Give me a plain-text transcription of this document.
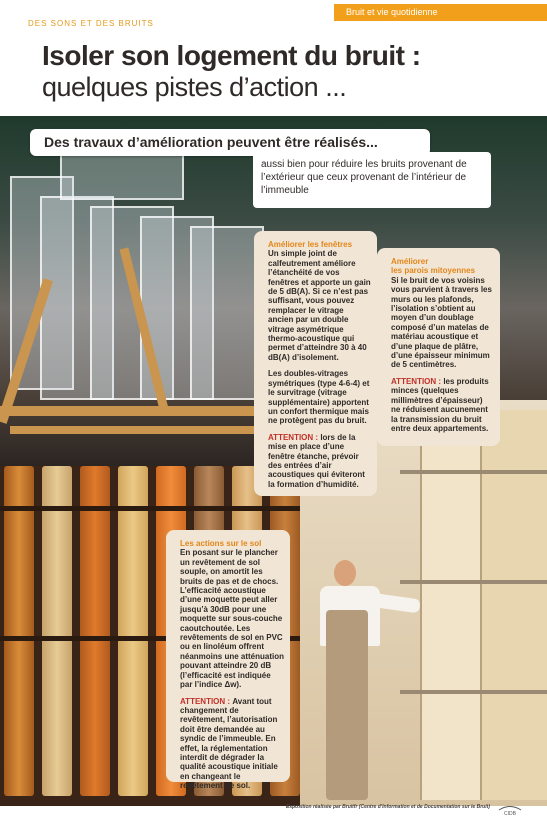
DES SONS ET DES BRUITS
Bruit et vie quotidienne
Isoler son logement du bruit :
quelques pistes d’action ...
Des travaux d’amélioration peuvent être réalisés...
aussi bien pour réduire les bruits provenant de l’extérieur que ceux provenant de l’intérieur de l’immeuble
Améliorer les fenêtres

Un simple joint de calfeutrement améliore l’étanchéité de vos fenêtres et apporte un gain de 5 dB(A). Si ce n’est pas suffisant, vous pouvez remplacer le vitrage ancien par un double vitrage asymétrique thermo-acoustique qui permet d’atteindre 30 à 40 dB(A) d’isolement.

Les doubles-vitrages symétriques (type 4-6-4) et le survitrage (vitrage supplémentaire) apportent un confort thermique mais ne protègent pas du bruit.

ATTENTION : lors de la mise en place d’une fenêtre étanche, prévoir des entrées d’air acoustiques qui éviteront la formation d’humidité.

Améliorer
les parois mitoyennes

Si le bruit de vos voisins vous parvient à travers les murs ou les plafonds, l’isolation s’obtient au moyen d’un doublage composé d’un matelas de matériau acoustique et d’une plaque de plâtre, d’une épaisseur minimum de 5 centimètres.

ATTENTION : les produits minces (quelques millimètres d’épaisseur) ne réduisent aucunement la transmission du bruit entre deux appartements.

Les actions sur le sol

En posant sur le plancher un revêtement de sol souple, on amortit les bruits de pas et de chocs. L’efficacité acoustique d’une moquette peut aller jusqu’à 30dB pour une moquette sur sous-couche caoutchoutée. Les revêtements de sol en PVC ou en linoléum offrent néanmoins une atténuation pouvant atteindre 20 dB (l’efficacité est indiquée par l’indice Δw).

ATTENTION : Avant tout changement de revêtement, l’autorisation doit être demandée au syndic de l’immeuble. En effet, la réglementation interdit de dégrader la qualité acoustique initiale en changeant le revêtement de sol.

Exposition réalisée par Bruitfr (Centre d’Information et de Documentation sur le Bruit)
CIDB
